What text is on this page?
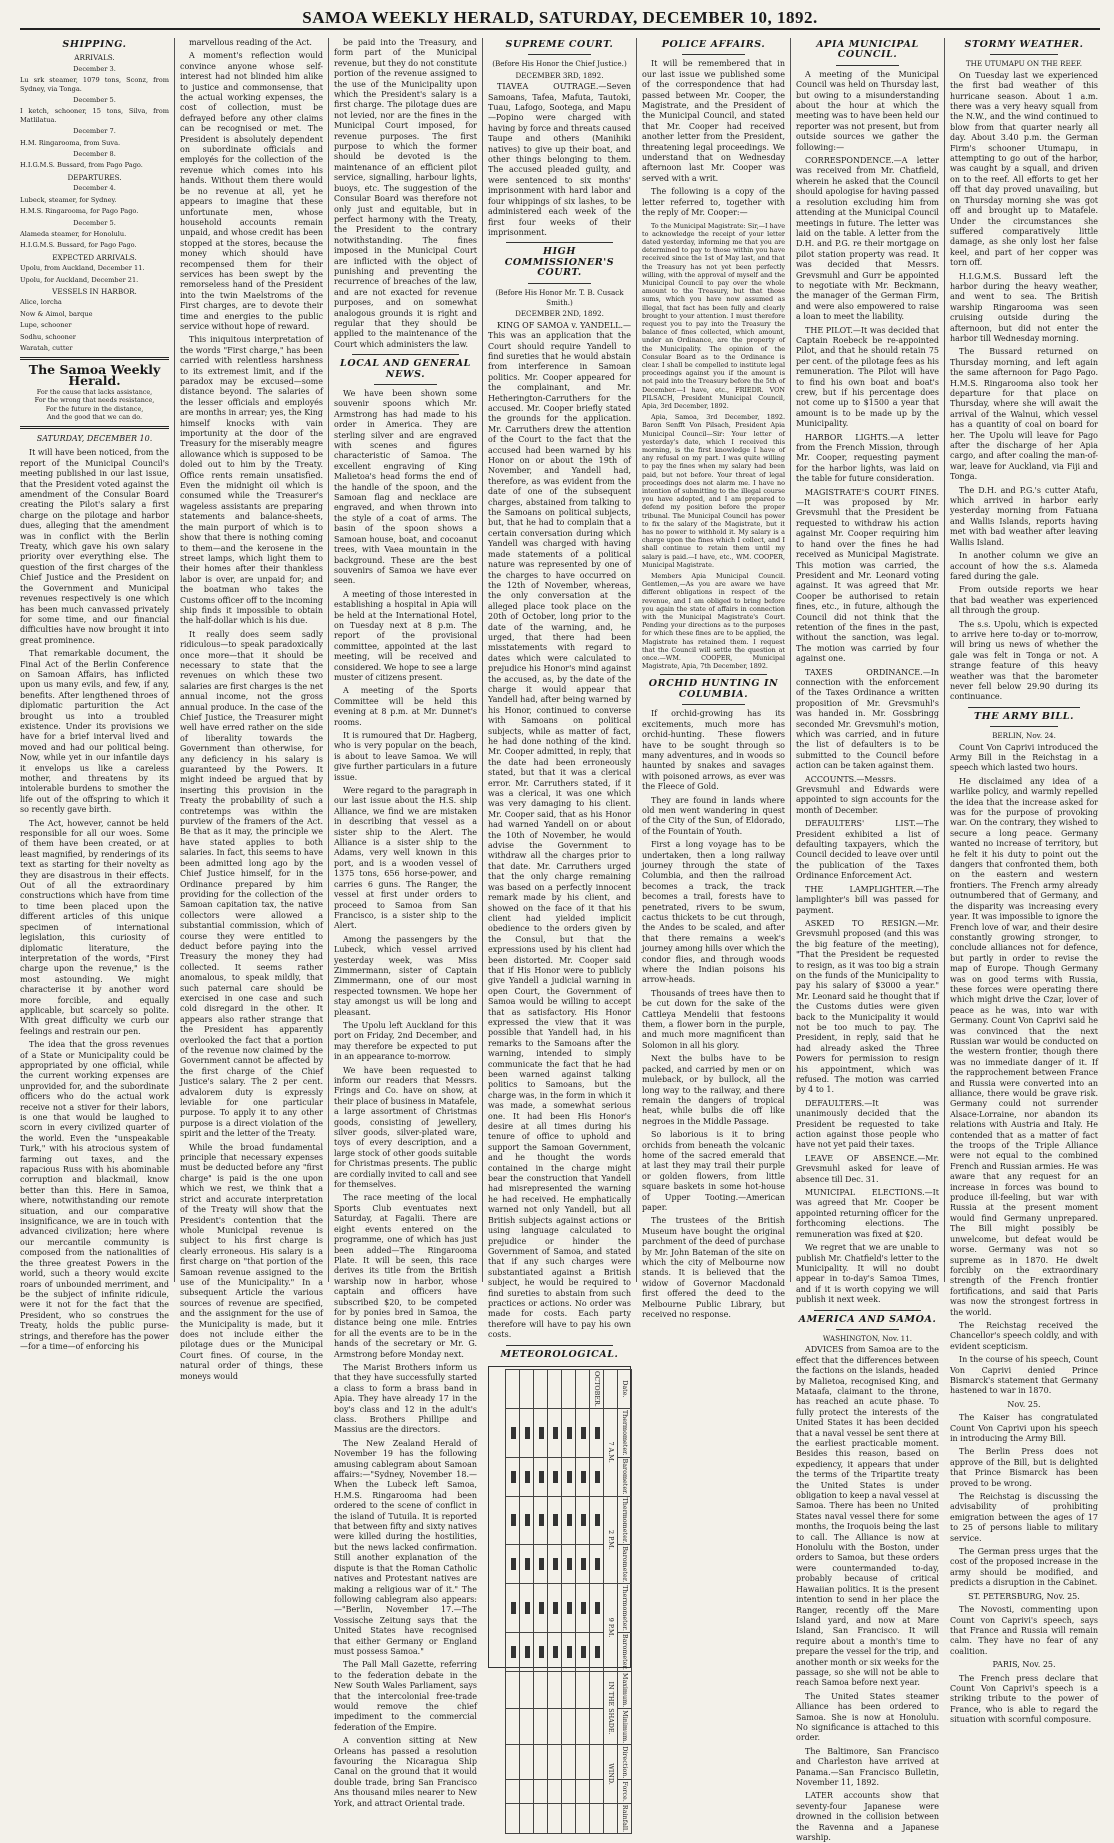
SAMOA WEEKLY HERALD, SATURDAY, DECEMBER 10, 1892.
SHIPPING.
ARRIVALS.

December 3.

Lu srk steamer, 1079 tons, Sconz, from Sydney, via Tonga.

December 5.

I ketch, schooner, 15 tons, Silva, from Matlilatua.

December 7.

H.M. Ringarooma, from Suva.

December 8.

H.I.G.M.S. Bussard, from Pago Pago.

DEPARTURES.

December 4.

Lubeck, steamer, for Sydney.

H.M.S. Ringarooma, for Pago Pago.

December 5.

Alameda steamer, for Honolulu.

H.I.G.M.S. Bussard, for Pago Pago.

EXPECTED ARRIVALS.

Upolu, from Auckland, December 11.

Upolu, for Auckland, December 21.

VESSELS IN HARBOR.

Alice, lorcha

Now & Aimol, barque

Lupe, schooner

Sodhu, schooner

Waratah, cutter

The Samoa Weekly Herald.
For the cause that lacks assistance,
For the wrong that needs resistance,
For the future in the distance,
And the good that we can do.
SATURDAY, DECEMBER 10.

It will have been noticed, from the report of the Municipal Council's meeting published in our last issue, that the President voted against the amendment of the Consular Board creating the Pilot's salary a first charge on the pilotage and harbor dues, alleging that the amendment was in conflict with the Berlin Treaty, which gave his own salary priority over everything else. The question of the first charges of the Chief Justice and the President on the Government and Municipal revenues respectively is one which has been much canvassed privately for some time, and our financial difficulties have now brought it into great prominence.

That remarkable document, the Final Act of the Berlin Conference on Samoan Affairs, has inflicted upon us many evils, and few, if any, benefits. After lengthened throes of diplomatic parturition the Act brought us into a troubled existence. Under its provisions we have for a brief interval lived and moved and had our political being. Now, while yet in our infantile days it envelops us like a careless mother, and threatens by its intolerable burdens to smother the life out of the offspring to which it so recently gave birth.

The Act, however, cannot be held responsible for all our woes. Some of them have been created, or at least magnified, by renderings of its text as starting for their novelty as they are disastrous in their effects. Out of all the extraordinary constructions which have from time to time been placed upon the different articles of this unique specimen of international legislation, this curiosity of diplomatic literature, the interpretation of the words, "First charge upon the revenue," is the most astounding. We might characterise it by another word more forcible, and equally applicable, but scarcely so polite. With great difficulty we curb our feelings and restrain our pen.

The idea that the gross revenues of a State or Municipality could be appropriated by one official, while the current working expenses are unprovided for, and the subordinate officers who do the actual work receive not a stiver for their labors, is one that would be laughed to scorn in every civilized quarter of the world. Even the "unspeakable Turk," with his atrocious system of farming out taxes, and the rapacious Russ with his abominable corruption and blackmail, know better than this. Here in Samoa, where, notwithstanding our remote situation, and our comparative insignificance, we are in touch with advanced civilization; here where our mercantile community is composed from the nationalities of the three greatest Powers in the world, such a theory would excite roars of unbounded merriment, and be the subject of infinite ridicule, were it not for the fact that the President, who so construes the Treaty, holds the public purse-strings, and therefore has the power—for a time—of enforcing his

marvellous reading of the Act.

A moment's reflection would convince anyone whose self-interest had not blinded him alike to justice and commonsense, that the actual working expenses, the cost of collection, must be defrayed before any other claims can be recognised or met. The President is absolutely dependent on subordinate officials and employés for the collection of the revenue which comes into his hands. Without them there would be no revenue at all, yet he appears to imagine that these unfortunate men, whose household accounts remain unpaid, and whose credit has been stopped at the stores, because the money which should have recompensed them for their services has been swept by the remorseless hand of the President into the twin Maelstroms of the First charges, are to devote their time and energies to the public service without hope of reward.

This iniquitous interpretation of the words "First charge," has been carried with relentless harshness to its extremest limit, and if the paradox may be excused—some distance beyond. The salaries of the lesser officials and employés are months in arrear; yes, the King himself knocks with vain importunity at the door of the Treasury for the miserably meagre allowance which is supposed to be doled out to him by the Treaty. Office rents remain unsatisfied. Even the midnight oil which is consumed while the Treasurer's wageless assistants are preparing statements and balance-sheets, the main purport of which is to show that there is nothing coming to them—and the kerosene in the street lamps, which light them to their homes after their thankless labor is over, are unpaid for; and the boatman who takes the Customs officer off to the incoming ship finds it impossible to obtain the half-dollar which is his due.

It really does seem sadly ridiculous—to speak paradoxically once more—that it should be necessary to state that the revenues on which these two salaries are first charges is the net annual income, not the gross annual produce. In the case of the Chief Justice, the Treasurer might well have erred rather on the side of liberality towards the Government than otherwise, for any deficiency in his salary is guaranteed by the Powers. It might indeed be argued that by inserting this provision in the Treaty the probability of such a contretemps was within the purview of the framers of the Act. Be that as it may, the principle we have stated applies to both salaries. In fact, this seems to have been admitted long ago by the Chief Justice himself, for in the Ordinance prepared by him providing for the collection of the Samoan capitation tax, the native collectors were allowed a substantial commission, which of course they were entitled to deduct before paying into the Treasury the money they had collected. It seems rather anomalous, to speak mildly, that such paternal care should be exercised in one case and such cold disregard in the other. It appears also rather strange that the President has apparently overlooked the fact that a portion of the revenue now claimed by the Government cannot be affected by the first charge of the Chief Justice's salary. The 2 per cent. advalorem duty is expressly leviable for one particular purpose. To apply it to any other purpose is a direct violation of the spirit and the letter of the Treaty.

While the broad fundamental principle that necessary expenses must be deducted before any "first charge" is paid is the one upon which we rest, we think that a strict and accurate interpretation of the Treaty will show that the President's contention that the whole Municipal revenue is subject to his first charge is clearly erroneous. His salary is a first charge on "that portion of the Samoan revenue assigned to the use of the Municipality." In a subsequent Article the various sources of revenue are specified, and the assignment for the use of the Municipality is made, but it does not include either the pilotage dues or the Municipal Court fines. Of course, in the natural order of things, these moneys would

be paid into the Treasury, and form part of the Municipal revenue, but they do not constitute portion of the revenue assigned to the use of the Municipality upon which the President's salary is a first charge. The pilotage dues are not levied, nor are the fines in the Municipal Court imposed, for revenue purposes. The first purpose to which the former should be devoted is the maintenance of an efficient pilot service, signalling, harbour lights, buoys, etc. The suggestion of the Consular Board was therefore not only just and equitable, but in perfect harmony with the Treaty, the President to the contrary notwithstanding. The fines imposed in the Municipal Court are inflicted with the object of punishing and preventing the recurrence of breaches of the law, and are not exacted for revenue purposes, and on somewhat analogous grounds it is right and regular that they should be applied to the maintenance of the Court which administers the law.

LOCAL AND GENERAL NEWS.

We have been shown some souvenir spoons which Mr. Armstrong has had made to his order in America. They are sterling silver and are engraved with scenes and figures characteristic of Samoa. The excellent engraving of King Malietoa's head forms the end of the handle of the spoon, and the Samoan flag and necklace are engraved, and when thrown into the style of a coat of arms. The basin of the spoon shows a Samoan house, boat, and cocoanut trees, with Vaea mountain in the background. These are the best souvenirs of Samoa we have ever seen.

A meeting of those interested in establishing a hospital in Apia will be held at the International Hotel, on Tuesday next at 8 p.m. The report of the provisional committee, appointed at the last meeting, will be received and considered. We hope to see a large muster of citizens present.

A meeting of the Sports Committee will be held this evening at 8 p.m. at Mr. Dunnet's rooms.

It is rumoured that Dr. Hagberg, who is very popular on the beach, is about to leave Samoa. We will give further particulars in a future issue.

Were regard to the paragraph in our last issue about the H.S. ship Alliance, we find we are mistaken in describing that vessel as a sister ship to the Alert. The Alliance is a sister ship to the Adams, very well known in this port, and is a wooden vessel of 1375 tons, 656 horse-power, and carries 6 guns. The Ranger, the vessel at first under orders to proceed to Samoa from San Francisco, is a sister ship to the Alert.

Among the passengers by the Lubeck, which vessel arrived yesterday week, was Miss Zimmermann, sister of Captain Zimmermann, one of our most respected townsmen. We hope her stay amongst us will be long and pleasant.

The Upolu left Auckland for this port on Friday, 2nd December, and may therefore be expected to put in an appearance to-morrow.

We have been requested to inform our readers that Messrs. Frings and Co. have on show, at their place of business in Matafele, a large assortment of Christmas goods, consisting of jewellery, silver goods, silver-plated ware, toys of every description, and a large stock of other goods suitable for Christmas presents. The public are cordially invited to call and see for themselves.

The race meeting of the local Sports Club eventuates next Saturday, at Fagalii. There are eight events entered on the programme, one of which has just been added—The Ringarooma Plate. It will be seen, this race derives its title from the British warship now in harbor, whose captain and officers have subscribed $20, to be competed for by ponies bred in Samoa, the distance being one mile. Entries for all the events are to be in the hands of the secretary or Mr. G. Armstrong before Monday next.

The Marist Brothers inform us that they have successfully started a class to form a brass band in Apia. They have already 17 in the boy's class and 12 in the adult's class. Brothers Phillipe and Massius are the directors.

The New Zealand Herald of November 19 has the following amusing cablegram about Samoan affairs:—"Sydney, November 18.—When the Lubeck left Samoa, H.M.S. Ringarooma had been ordered to the scene of conflict in the island of Tutuila. It is reported that between fifty and sixty natives were killed during the hostilities, but the news lacked confirmation. Still another explanation of the dispute is that the Roman Catholic natives and Protestant natives are making a religious war of it." The following cablegram also appears:—"Berlin, November 17.—The Vossische Zeitung says that the United States have recognised that either Germany or England must possess Samoa."

The Pall Mall Gazette, referring to the federation debate in the New South Wales Parliament, says that the intercolonial free-trade would remove the chief impediment to the commercial federation of the Empire.

A convention sitting at New Orleans has passed a resolution favouring the Nicaragua Ship Canal on the ground that it would double trade, bring San Francisco Ans thousand miles nearer to New York, and attract Oriental trade.

SUPREME COURT.
(Before His Honor the Chief Justice.)
DECEMBER 3RD, 1892.

TIAVEA OUTRAGE.—Seven Samoans, Tafea, Mafuta, Tautoki, Tuau, Lafogo, Sootega, and Mapu—Popino were charged with having by force and threats caused Taupe and others (Manihiki natives) to give up their boat, and other things belonging to them. The accused pleaded guilty, and were sentenced to six months' imprisonment with hard labor and four whippings of six lashes, to be administered each week of the first four weeks of their imprisonment.

HIGH COMMISSIONER'S COURT.
(Before His Honor Mr. T. B. Cusack Smith.)
DECEMBER 2ND, 1892.

KING OF SAMOA v. YANDELL.—This was an application that the Court should require Yandell to find sureties that he would abstain from interference in Samoan politics. Mr. Cooper appeared for the complainant, and Mr. Hetherington-Carruthers for the accused. Mr. Cooper briefly stated the grounds for the application. Mr. Carruthers drew the attention of the Court to the fact that the accused had been warned by his Honor on or about the 19th of November, and Yandell had, therefore, as was evident from the date of one of the subsequent charges, abstained from talking to the Samoans on political subjects, but, that he had to complain that a certain conversation during which Yandell was charged with having made statements of a political nature was represented by one of the charges to have occurred on the 12th of November, whereas, the only conversation at the alleged place took place on the 20th of October, long prior to the date of the warning, and, he urged, that there had been misstatements with regard to dates which were calculated to prejudice his Honor's mind against the accused, as, by the date of the charge it would appear that Yandell had, after being warned by his Honor, continued to converse with Samoans on political subjects, while as matter of fact, he had done nothing of the kind. Mr. Cooper admitted, in reply, that the date had been erroneously stated, but that it was a clerical error. Mr. Carruthers stated, if it was a clerical, it was one which was very damaging to his client. Mr. Cooper said, that as his Honor had warned Yandell on or about the 10th of November, he would advise the Government to withdraw all the charges prior to that date. Mr. Carruthers urged that the only charge remaining was based on a perfectly innocent remark made by his client, and showed on the face of it that his client had yielded implicit obedience to the orders given by the Consul, but that the expressions used by his client had been distorted. Mr. Cooper said that if His Honor were to publicly give Yandell a judicial warning in open Court, the Government of Samoa would be willing to accept that as satisfactory. His Honor expressed the view that it was possible that Yandell had, in his remarks to the Samoans after the warning, intended to simply communicate the fact that he had been warned against talking politics to Samoans, but the charge was, in the form in which it was made, a somewhat serious one. It had been His Honor's desire at all times during his tenure of office to uphold and support the Samoan Government, and he thought the words contained in the charge might bear the construction that Yandell had misrepresented the warning he had received. He emphatically warned not only Yandell, but all British subjects against actions or using language calculated to prejudice or hinder the Government of Samoa, and stated that if any such charges were substantiated against a British subject, he would be required to find sureties to abstain from such practices or actions. No order was made for costs. Each party therefore will have to pay his own costs.

METEOROLOGICAL.
Date.	Thermometer.	Barometer.	Thermometer.	Barometer.	Thermometer.	Barometer.	Maximum.	Minimum.	Direction.	Force.	Rainfall.
	7 A.M.		2 P.M.		9 P.M.		IN THE SHADE.		WIND.		
OCTOBER.											

POLICE AFFAIRS.

It will be remembered that in our last issue we published some of the correspondence that had passed between Mr. Cooper, the Magistrate, and the President of the Municipal Council, and stated that Mr. Cooper had received another letter from the President, threatening legal proceedings. We understand that on Wednesday afternoon last Mr. Cooper was served with a writ.

The following is a copy of the letter referred to, together with the reply of Mr. Cooper:—

To the Municipal Magistrate: Sir,—I have to acknowledge the receipt of your letter dated yesterday, informing me that you are determined to pay to those within you have received since the 1st of May last, and that the Treasury has not yet been perfectly willing, with the approval of myself and the Municipal Council to pay over the whole amount to the Treasury, but that those sums, which you have now assumed as illegal, that fact has been fully and clearly brought to your attention. I must therefore request you to pay into the Treasury the balance of fines collected, which amount, under an Ordinance, are the property of the Municipality. The opinion of the Consular Board as to the Ordinance is clear. I shall be compelled to institute legal proceedings against you if the amount is not paid into the Treasury before the 5th of December.—I have, etc., FRIEDR. VON PILSACH, President Municipal Council, Apia, 3rd December, 1892.

Apia, Samoa, 3rd December, 1892. Baron Senfft Von Pilsach, President Apia Municipal Council—Sir: Your letter of yesterday's date, which I received this morning, is the first knowledge I have of any refusal on my part. I was quite willing to pay the fines when my salary had been paid, but not before. Your threat of legal proceedings does not alarm me. I have no intention of submitting to the illegal course you have adopted, and I am prepared to defend my position before the proper tribunal. The Municipal Council has power to fix the salary of the Magistrate, but it has no power to withhold it. My salary is a charge upon the fines which I collect, and I shall continue to retain them until my salary is paid.—I have, etc., WM. COOPER, Municipal Magistrate.

Members Apia Municipal Council. Gentlemen,—As you are aware we have different obligations in respect of the revenue, and I am obliged to bring before you again the state of affairs in connection with the Municipal Magistrate's Court. Pending your directions as to the purposes for which these fines are to be applied, the Magistrate has retained them. I request that the Council will settle the question at once.—WM. COOPER, Municipal Magistrate, Apia, 7th December, 1892.

ORCHID HUNTING IN COLUMBIA.

If orchid-growing has its excitements, much more has orchid-hunting. These flowers have to be sought through so many adventures, and in woods so haunted by snakes and savages with poisoned arrows, as ever was the Fleece of Gold.

They are found in lands where old men went wandering in quest of the City of the Sun, of Eldorado, of the Fountain of Youth.

First a long voyage has to be undertaken, then a long railway journey through the state of Columbia, and then the railroad becomes a track, the track becomes a trail, forests have to penetrated, rivers to be swum, cactus thickets to be cut through, the Andes to be scaled, and after that there remains a week's journey among hills over which the condor flies, and through woods where the Indian poisons his arrow-heads.

Thousands of trees have then to be cut down for the sake of the Cattleya Mendelii that festoons them, a flower born in the purple, and much more magnificent than Solomon in all his glory.

Next the bulbs have to be packed, and carried by men or on muleback, or by bullock, all the long way to the railway, and there remain the dangers of tropical heat, while bulbs die off like negroes in the Middle Passage.

So laborious is it to bring orchids from beneath the volcanic home of the sacred emerald that at last they may trail their purple or golden flowers, from little square baskets in some hot-house of Upper Tooting.—American paper.

The trustees of the British Museum have bought the original parchment of the deed of purchase by Mr. John Bateman of the site on which the city of Melbourne now stands. It is believed that the widow of Governor Macdonald first offered the deed to the Melbourne Public Library, but received no response.

APIA MUNICIPAL COUNCIL.

A meeting of the Municipal Council was held on Thursday last, but owing to a misunderstanding about the hour at which the meeting was to have been held our reporter was not present, but from outside sources we gather the following:—

CORRESPONDENCE.—A letter was received from Mr. Chatfield, wherein he asked that the Council should apologise for having passed a resolution excluding him from attending at the Municipal Council meetings in future. The letter was laid on the table. A letter from the D.H. and P.G. re their mortgage on pilot station property was read. It was decided that Messrs. Grevsmuhl and Gurr be appointed to negotiate with Mr. Beckmann, the manager of the German Firm, and were also empowered to raise a loan to meet the liability.

THE PILOT.—It was decided that Captain Roebeck be re-appointed Pilot, and that he should retain 75 per cent. of the pilotage fees as his remuneration. The Pilot will have to find his own boat and boat's crew, but if his percentage does not come up to $1500 a year that amount is to be made up by the Municipality.

HARBOR LIGHTS.—A letter from the French Mission, through Mr. Cooper, requesting payment for the harbor lights, was laid on the table for future consideration.

MAGISTRATE'S COURT FINES.—It was proposed by Mr. Grevsmuhl that the President be requested to withdraw his action against Mr. Cooper requiring him to hand over the fines he had received as Municipal Magistrate. This motion was carried, the President and Mr. Leonard voting against. It was agreed that Mr. Cooper be authorised to retain fines, etc., in future, although the Council did not think that the retention of the fines in the past, without the sanction, was legal. The motion was carried by four against one.

TAXES ORDINANCE.—In connection with the enforcement of the Taxes Ordinance a written proposition of Mr. Grevsmuhl's was handed in. Mr. Gossbringg seconded Mr. Grevsmuhl's motion, which was carried, and in future the list of defaulters is to be submitted to the Council before action can be taken against them.

ACCOUNTS.—Messrs. Grevsmuhl and Edwards were appointed to sign accounts for the month of December.

DEFAULTERS' LIST.—The President exhibited a list of defaulting taxpayers, which the Council decided to leave over until the publication of the Taxes Ordinance Enforcement Act.

THE LAMPLIGHTER.—The lamplighter's bill was passed for payment.

ASKED TO RESIGN.—Mr. Grevsmuhl proposed (and this was the big feature of the meeting), "That the President be requested to resign, as it was too big a strain on the funds of the Municipality to pay his salary of $3000 a year." Mr. Leonard said he thought that if the Customs duties were given back to the Municipality it would not be too much to pay. The President, in reply, said that he had already asked the Three Powers for permission to resign his appointment, which was refused. The motion was carried by 4 to 1.

DEFAULTERS.—It was unanimously decided that the President be requested to take action against those people who have not yet paid their taxes.

LEAVE OF ABSENCE.—Mr. Grevsmuhl asked for leave of absence till Dec. 31.

MUNICIPAL ELECTIONS.—It was agreed that Mr. Cooper be appointed returning officer for the forthcoming elections. The remuneration was fixed at $20.

We regret that we are unable to publish Mr. Chatfield's letter to the Municipality. It will no doubt appear in to-day's Samoa Times, and if it is worth copying we will publish it next week.

AMERICA AND SAMOA.
WASHINGTON, Nov. 11.

ADVICES from Samoa are to the effect that the differences between the factions on the islands, headed by Malietoa, recognised King, and Mataafa, claimant to the throne, has reached an acute phase. To fully protect the interests of the United States it has been decided that a naval vessel be sent there at the earliest practicable moment. Besides this reason, based on expediency, it appears that under the terms of the Tripartite treaty the United States is under obligation to keep a naval vessel at Samoa. There has been no United States naval vessel there for some months, the Iroquois being the last to call. The Alliance is now at Honolulu with the Boston, under orders to Samoa, but these orders were countermanded to-day, probably because of critical Hawaiian politics. It is the present intention to send in her place the Ranger, recently off the Mare Island yard, and now at Mare Island, San Francisco. It will require about a month's time to prepare the vessel for the trip, and another month or six weeks for the passage, so she will not be able to reach Samoa before next year.

The United States steamer Alliance has been ordered to Samoa. She is now at Honolulu. No significance is attached to this order.

The Baltimore, San Francisco and Charleston have arrived at Panama.—San Francisco Bulletin, November 11, 1892.

LATER accounts show that seventy-four Japanese were drowned in the collision between the Ravenna and a Japanese warship.

STORMY WEATHER.
THE UTUMAPU ON THE REEF.

On Tuesday last we experienced the first bad weather of this hurricane season. About 1 a.m. there was a very heavy squall from the N.W., and the wind continued to blow from that quarter nearly all day. About 3.40 p.m. the German Firm's schooner Utumapu, in attempting to go out of the harbor, was caught by a squall, and driven on to the reef. All efforts to get her off that day proved unavailing, but on Thursday morning she was got off and brought up to Matafele. Under the circumstances she suffered comparatively little damage, as she only lost her false keel, and part of her copper was torn off.

H.I.G.M.S. Bussard left the harbor during the heavy weather, and went to sea. The British warship Ringarooma was seen cruising outside during the afternoon, but did not enter the harbor till Wednesday morning.

The Bussard returned on Thursday morning, and left again the same afternoon for Pago Pago. H.M.S. Ringarooma also took her departure for that place on Thursday, where she will await the arrival of the Walnui, which vessel has a quantity of coal on board for her. The Upolu will leave for Pago after the discharge of her Apia cargo, and after coaling the man-of-war, leave for Auckland, via Fiji and Tonga.

The D.H. and P.G.'s cutter Atafu, which arrived in harbor early yesterday morning from Fatuana and Wallis Islands, reports having met with bad weather after leaving Wallis Island.

In another column we give an account of how the s.s. Alameda fared during the gale.

From outside reports we hear that bad weather was experienced all through the group.

The s.s. Upolu, which is expected to arrive here to-day or to-morrow, will bring us news of whether the gale was felt in Tonga or not. A strange feature of this heavy weather was that the barometer never fell below 29.90 during its continuance.

THE ARMY BILL.
BERLIN, Nov. 24.

Count Von Caprivi introduced the Army Bill in the Reichstag in a speech which lasted two hours.

He disclaimed any idea of a warlike policy, and warmly repelled the idea that the increase asked for was for the purpose of provoking war. On the contrary, they wished to secure a long peace. Germany wanted no increase of territory, but he felt it his duty to point out the dangers that confronted them, both on the eastern and western frontiers. The French army already outnumbered that of Germany, and the disparity was increasing every year. It was impossible to ignore the French love of war, and their desire constantly growing stronger, to conclude alliances not for defence, but partly in order to revise the map of Europe. Though Germany was on good terms with Russia, these forces were operating there which might drive the Czar, lover of peace as he was, into war with Germany. Count Von Caprivi said he was convinced that the next Russian war would be conducted on the western frontier, though there was no immediate danger of it. If the rapprochement between France and Russia were converted into an alliance, there would be grave risk. Germany could not surrender Alsace-Lorraine, nor abandon its relations with Austria and Italy. He contended that as a matter of fact the troops of the Triple Alliance were not equal to the combined French and Russian armies. He was aware that any request for an increase in forces was bound to produce ill-feeling, but war with Russia at the present moment would find Germany unprepared. The Bill might possibly be unwelcome, but defeat would be worse. Germany was not so supreme as in 1870. He dwelt forcibly on the extraordinary strength of the French frontier fortifications, and said that Paris was now the strongest fortress in the world.

The Reichstag received the Chancellor's speech coldly, and with evident scepticism.

In the course of his speech, Count Von Caprivi denied Prince Bismarck's statement that Germany hastened to war in 1870.

Nov. 25.

The Kaiser has congratulated Count Von Caprivi upon his speech in introducing the Army Bill.

The Berlin Press does not approve of the Bill, but is delighted that Prince Bismarck has been proved to be wrong.

The Reichstag is discussing the advisability of prohibiting emigration between the ages of 17 to 25 of persons liable to military service.

The German press urges that the cost of the proposed increase in the army should be modified, and predicts a disruption in the Cabinet.

ST. PETERSBURG, Nov. 25.

The Novosti, commenting upon Count von Caprivi's speech, says that France and Russia will remain calm. They have no fear of any coalition.

PARIS, Nov. 25.

The French press declare that Count Von Caprivi's speech is a striking tribute to the power of France, who is able to regard the situation with scornful composure.
